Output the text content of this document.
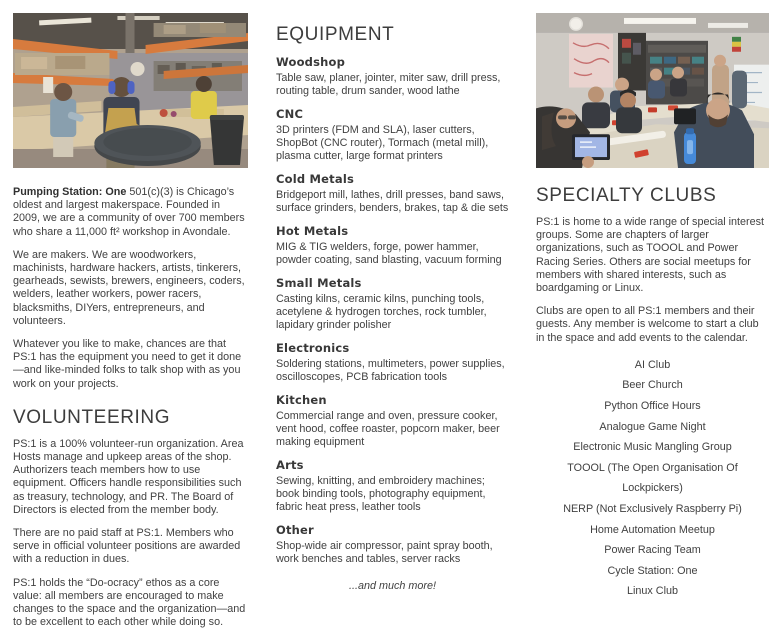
Pumping Station: One 501(c)(3) is Chicago’s oldest and largest makerspace. Founded in 2009, we are a community of over 700 members who share a 11,000 ft² workshop in Avondale.

We are makers. We are woodworkers, machinists, hardware hackers, artists, tinkerers, gearheads, sewists, brewers, engineers, coders, welders, leather workers, power racers, blacksmiths, DIYers, entrepreneurs, and volunteers.

Whatever you like to make, chances are that PS:1 has the equipment you need to get it done—and like-minded folks to talk shop with as you work on your projects.

VOLUNTEERING

PS:1 is a 100% volunteer-run organization. Area Hosts manage and upkeep areas of the shop. Authorizers teach members how to use equipment. Officers handle responsibilities such as treasury, technology, and PR. The Board of Directors is elected from the member body.

There are no paid staff at PS:1. Members who serve in official volunteer positions are awarded with a reduction in dues.

PS:1 holds the “Do-ocracy” ethos as a core value: all members are encouraged to make changes to the space and the organization—and to be excellent to each other while doing so.

EQUIPMENT
Woodshop

Table saw, planer, jointer, miter saw, drill press, routing table, drum sander, wood lathe

CNC

3D printers (FDM and SLA), laser cutters, ShopBot (CNC router), Tormach (metal mill), plasma cutter, large format printers

Cold Metals

Bridgeport mill, lathes, drill presses, band saws, surface grinders, benders, brakes, tap & die sets

Hot Metals

MIG & TIG welders, forge, power hammer, powder coating, sand blasting, vacuum forming

Small Metals

Casting kilns, ceramic kilns, punching tools, acetylene & hydrogen torches, rock tumbler, lapidary grinder polisher

Electronics

Soldering stations, multimeters, power supplies, oscilloscopes, PCB fabrication tools

Kitchen

Commercial range and oven, pressure cooker, vent hood, coffee roaster, popcorn maker, beer making equipment

Arts

Sewing, knitting, and embroidery machines; book binding tools, photography equipment, fabric heat press, leather tools

Other

Shop-wide air compressor, paint spray booth, work benches and tables, server racks

...and much more!
SPECIALTY CLUBS

PS:1 is home to a wide range of special interest groups. Some are chapters of larger organizations, such as TOOOL and Power Racing Series. Others are social meetups for members with shared interests, such as boardgaming or Linux.

Clubs are open to all PS:1 members and their guests. Any member is welcome to start a club in the space and add events to the calendar.

AI Club
Beer Church
Python Office Hours
Analogue Game Night
Electronic Music Mangling Group
TOOOL (The Open Organisation Of Lockpickers)
NERP (Not Exclusively Raspberry Pi)
Home Automation Meetup
Power Racing Team
Cycle Station: One
Linux Club
